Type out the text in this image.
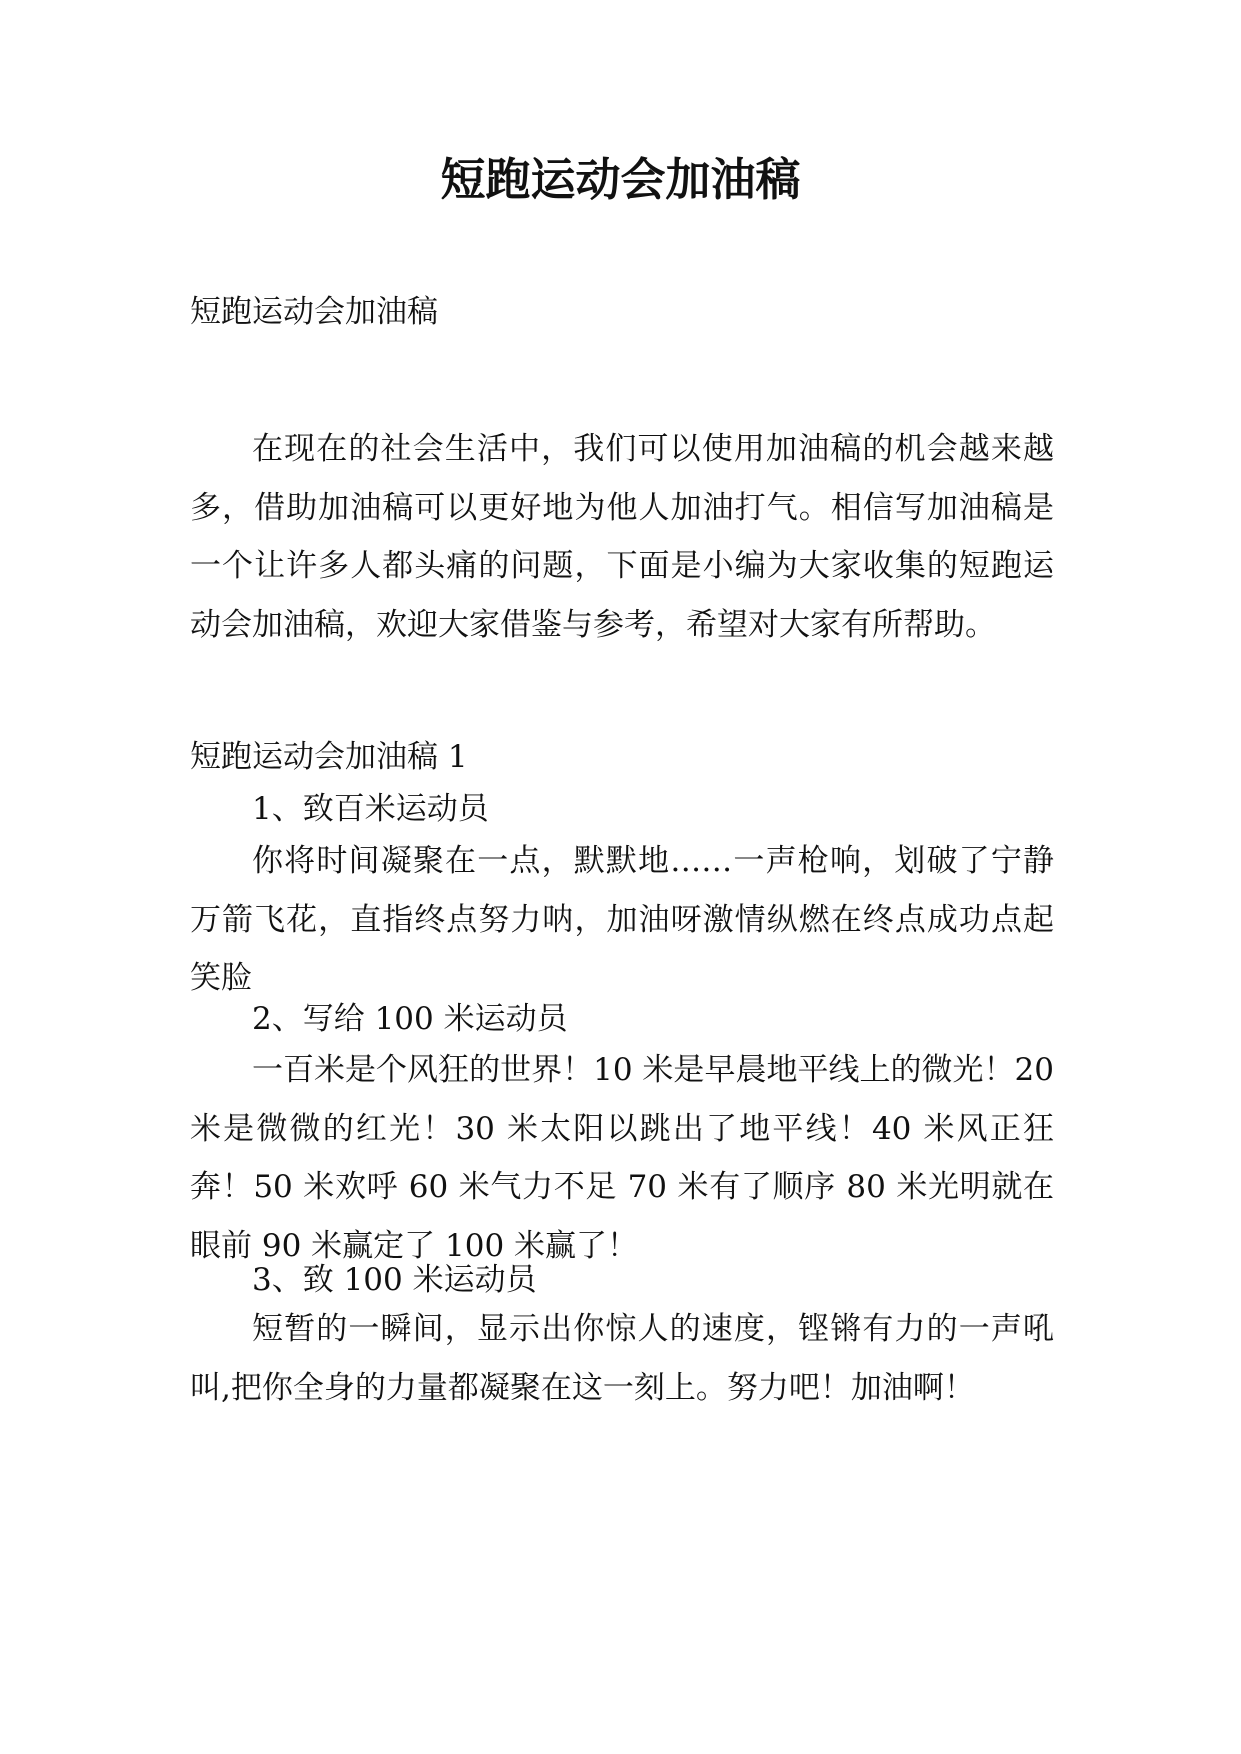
短跑运动会加油稿

短跑运动会加油稿

在现在的社会生活中，我们可以使用加油稿的机会越来越多，借助加油稿可以更好地为他人加油打气。相信写加油稿是一个让许多人都头痛的问题，下面是小编为大家收集的短跑运动会加油稿，欢迎大家借鉴与参考，希望对大家有所帮助。

短跑运动会加油稿 1

1、致百米运动员

你将时间凝聚在一点，默默地……一声枪响，划破了宁静万箭飞花，直指终点努力呐，加油呀激情纵燃在终点成功点起笑脸

2、写给 100 米运动员

一百米是个风狂的世界！10 米是早晨地平线上的微光！20 米是微微的红光！30 米太阳以跳出了地平线！40 米风正狂奔！50 米欢呼 60 米气力不足 70 米有了顺序 80 米光明就在眼前 90 米赢定了 100 米赢了！

3、致 100 米运动员

短暂的一瞬间，显示出你惊人的速度，铿锵有力的一声吼叫,把你全身的力量都凝聚在这一刻上。努力吧！加油啊！
